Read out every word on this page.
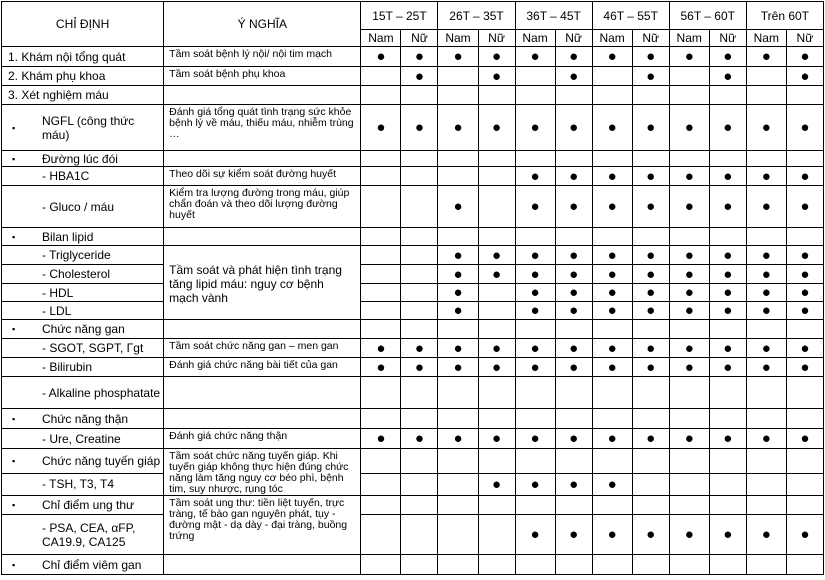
CHỈ ĐỊNH	Ý NGHĨA	15T – 25T		26T – 35T		36T – 45T		46T – 55T		56T – 60T		Trên 60T	
		Nam	Nữ	Nam	Nữ	Nam	Nữ	Nam	Nữ	Nam	Nữ	Nam	Nữ

1. Khám nội tổng quát	Tầm soát bệnh lý nội/ nội tim mạch	●	●	●	●	●	●	●	●	●	●	●	●

2. Khám phụ khoa	Tầm soát bệnh phụ khoa		●		●		●		●		●		●

3. Xét nghiệm máu													

▪ NGFL (công thức máu)	Đánh giá tổng quát tình trạng sức khỏe bệnh lý về máu, thiếu máu, nhiễm trùng …	●	●	●	●	●	●	●	●	●	●	●	●

▪ Đường lúc đói													

- HBA1C	Theo dõi sự kiểm soát đường huyết					●	●	●	●	●	●	●	●

- Gluco / máu	Kiểm tra lượng đường trong máu, giúp chẩn đoán và theo dõi lượng đường huyết			●		●	●	●	●	●	●	●	●

▪ Bilan lipid													

- Triglyceride	Tầm soát và phát hiện tình trạng tăng lipid máu: nguy cơ bệnh mạch vành			●	●	●	●	●	●	●	●	●	●

- Cholesterol				●	●	●	●	●	●	●	●	●	●

- HDL				●		●	●	●	●	●	●	●	●

- LDL				●		●	●	●	●	●	●	●	●

▪ Chức năng gan													

- SGOT, SGPT, Γgt	Tầm soát chức năng gan – men gan	●	●	●	●	●	●	●	●	●	●	●	●

- Bilirubin	Đánh giá chức năng bài tiết của gan	●	●	●	●	●	●	●	●	●	●	●	●

- Alkaline phosphatate													

▪ Chức năng thận													

- Ure, Creatine	Đánh giá chức năng thận	●	●	●	●	●	●	●	●	●	●	●	●

▪ Chức năng tuyến giáp	Tầm soát chức năng tuyến giáp. Khi tuyến giáp không thực hiện đúng chức năng làm tăng nguy cơ béo phì, bệnh tim, suy nhược, rụng tóc												

- TSH, T3, T4					●	●	●	●					

▪ Chỉ điểm ung thư	Tầm soát ung thư: tiền liệt tuyến, trực tràng, tế bào gan nguyên phát, tụy - đường mật - dạ dày - đại tràng, buồng trứng												

- PSA, CEA, αFP, CA19.9, CA125						●	●	●	●	●	●	●	●

▪ Chỉ điểm viêm gan													
